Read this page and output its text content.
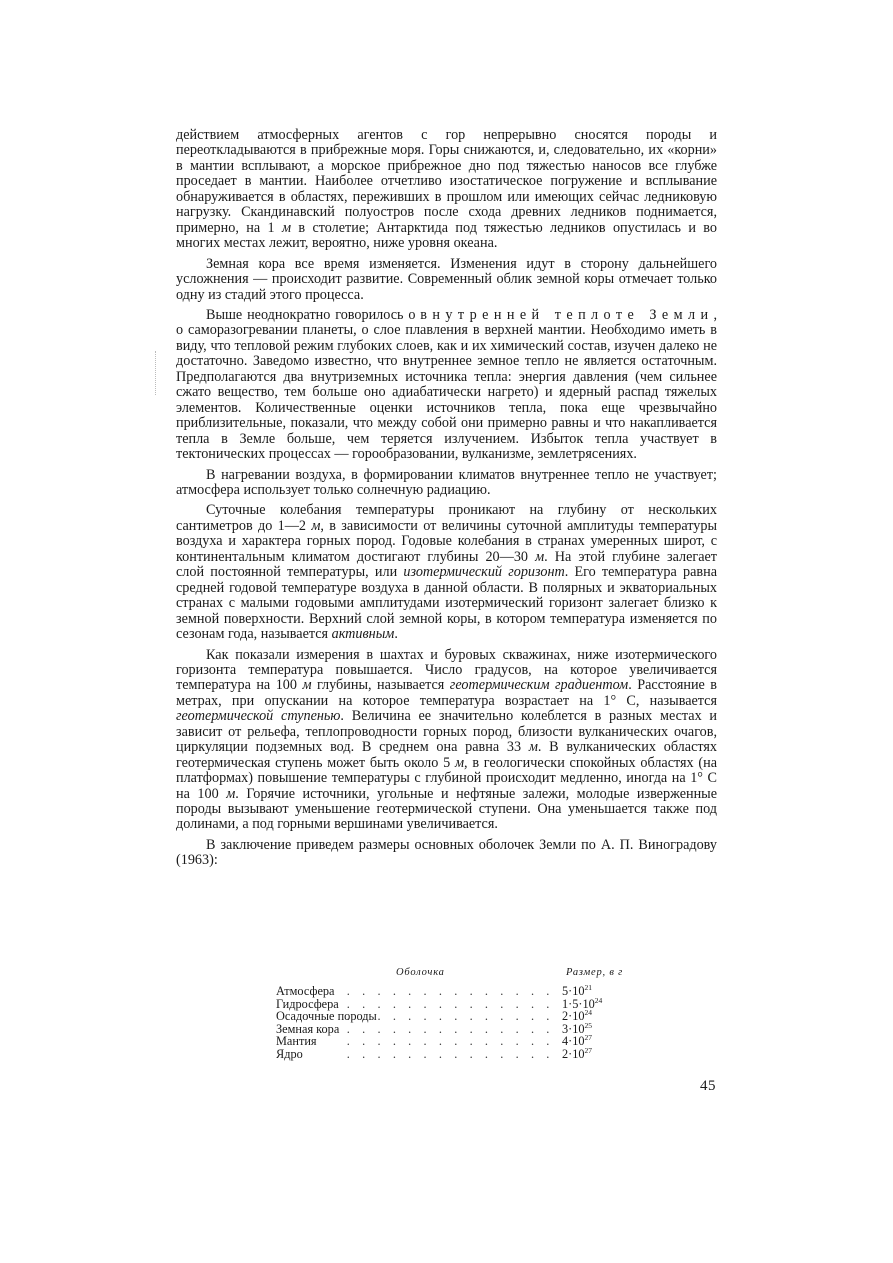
действием атмосферных агентов с гор непрерывно сносятся породы и переоткладываются в прибрежные моря. Горы снижаются, и, следовательно, их «корни» в мантии всплывают, а морское прибрежное дно под тяжестью наносов все глубже проседает в мантии. Наиболее отчетливо изостатическое погружение и всплывание обнаруживается в областях, переживших в прошлом или имеющих сейчас ледниковую нагрузку. Скандинавский полуостров после схода древних ледников поднимается, примерно, на 1 м в столетие; Антарктида под тяжестью ледников опустилась и во многих местах лежит, вероятно, ниже уровня океана.

Земная кора все время изменяется. Изменения идут в сторону дальнейшего усложнения — происходит развитие. Современный облик земной коры отмечает только одну из стадий этого процесса.

Выше неоднократно говорилось о внутренней теплоте Земли, о саморазогревании планеты, о слое плавления в верхней мантии. Необходимо иметь в виду, что тепловой режим глубоких слоев, как и их химический состав, изучен далеко не достаточно. Заведомо известно, что внутреннее земное тепло не является остаточным. Предполагаются два внутриземных источника тепла: энергия давления (чем сильнее сжато вещество, тем больше оно адиабатически нагрето) и ядерный распад тяжелых элементов. Количественные оценки источников тепла, пока еще чрезвычайно приблизительные, показали, что между собой они примерно равны и что накапливается тепла в Земле больше, чем теряется излучением. Избыток тепла участвует в тектонических процессах — горообразовании, вулканизме, землетрясениях.

В нагревании воздуха, в формировании климатов внутреннее тепло не участвует; атмосфера использует только солнечную радиацию.

Суточные колебания температуры проникают на глубину от нескольких сантиметров до 1—2 м, в зависимости от величины суточной амплитуды температуры воздуха и характера горных пород. Годовые колебания в странах умеренных широт, с континентальным климатом достигают глубины 20—30 м. На этой глубине залегает слой постоянной температуры, или изотермический горизонт. Его температура равна средней годовой температуре воздуха в данной области. В полярных и экваториальных странах с малыми годовыми амплитудами изотермический горизонт залегает близко к земной поверхности. Верхний слой земной коры, в котором температура изменяется по сезонам года, называется активным.

Как показали измерения в шахтах и буровых скважинах, ниже изотермического горизонта температура повышается. Число градусов, на которое увеличивается температура на 100 м глубины, называется геотермическим градиентом. Расстояние в метрах, при опускании на которое температура возрастает на 1° С, называется геотермической ступенью. Величина ее значительно колеблется в разных местах и зависит от рельефа, теплопроводности горных пород, близости вулканических очагов, циркуляции подземных вод. В среднем она равна 33 м. В вулканических областях геотермическая ступень может быть около 5 м, в геологически спокойных областях (на платформах) повышение температуры с глубиной происходит медленно, иногда на 1° С на 100 м. Горячие источники, угольные и нефтяные залежи, молодые изверженные породы вызывают уменьшение геотермической ступени. Она уменьшается также под долинами, а под горными вершинами увеличивается.

В заключение приведем размеры основных оболочек Земли по А. П. Виноградову (1963):

Оболочка	Размер, в г
Атмосфера . . . . . . . . . . . . . . $5\cdot 10^{21}$
Гидросфера . . . . . . . . . . . . . . $1\cdot 5\cdot 10^{24}$
Осадочные породы
. . . . . . . . . . . . . . $2\cdot 10^{24}$
Земная кора . . . . . . . . . . . . . . $3\cdot 10^{25}$
Мантия . . . . . . . . . . . . . . $4\cdot 10^{27}$
Ядро	. . . . . . . . . . . . . . $2\cdot 10^{27}$
45
